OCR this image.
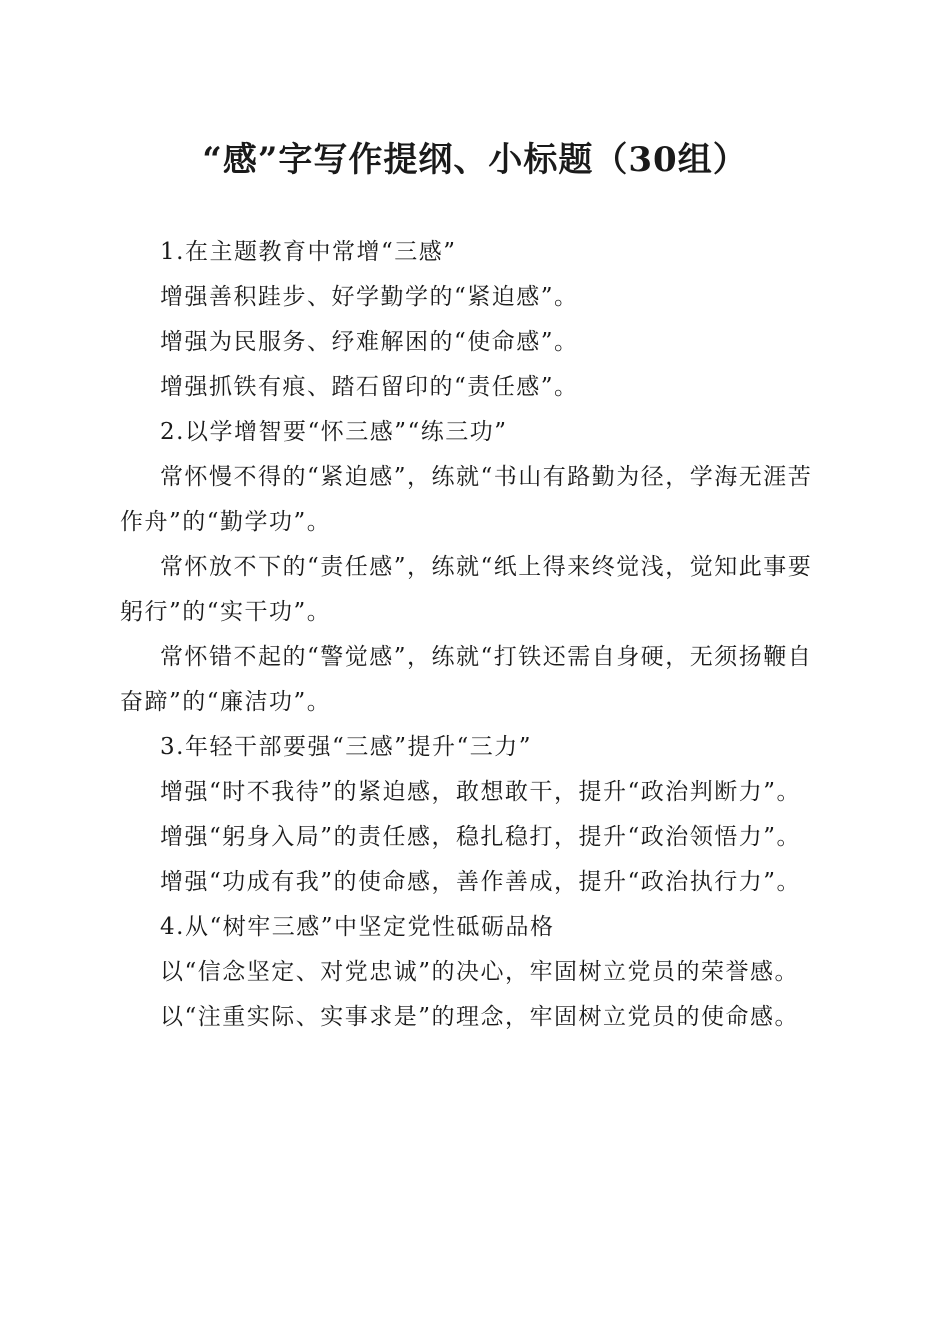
“感”字写作提纲、小标题（30组）

1.在主题教育中常增“三感”

增强善积跬步、好学勤学的“紧迫感”。

增强为民服务、纾难解困的“使命感”。

增强抓铁有痕、踏石留印的“责任感”。

2.以学增智要“怀三感”“练三功”

常怀慢不得的“紧迫感”，练就“书山有路勤为径，学海无涯苦作舟”的“勤学功”。

常怀放不下的“责任感”，练就“纸上得来终觉浅，觉知此事要躬行”的“实干功”。

常怀错不起的“警觉感”，练就“打铁还需自身硬，无须扬鞭自奋蹄”的“廉洁功”。

3.年轻干部要强“三感”提升“三力”

增强“时不我待”的紧迫感，敢想敢干，提升“政治判断力”。

增强“躬身入局”的责任感，稳扎稳打，提升“政治领悟力”。

增强“功成有我”的使命感，善作善成，提升“政治执行力”。

4.从“树牢三感”中坚定党性砥砺品格

以“信念坚定、对党忠诚”的决心，牢固树立党员的荣誉感。

以“注重实际、实事求是”的理念，牢固树立党员的使命感。
